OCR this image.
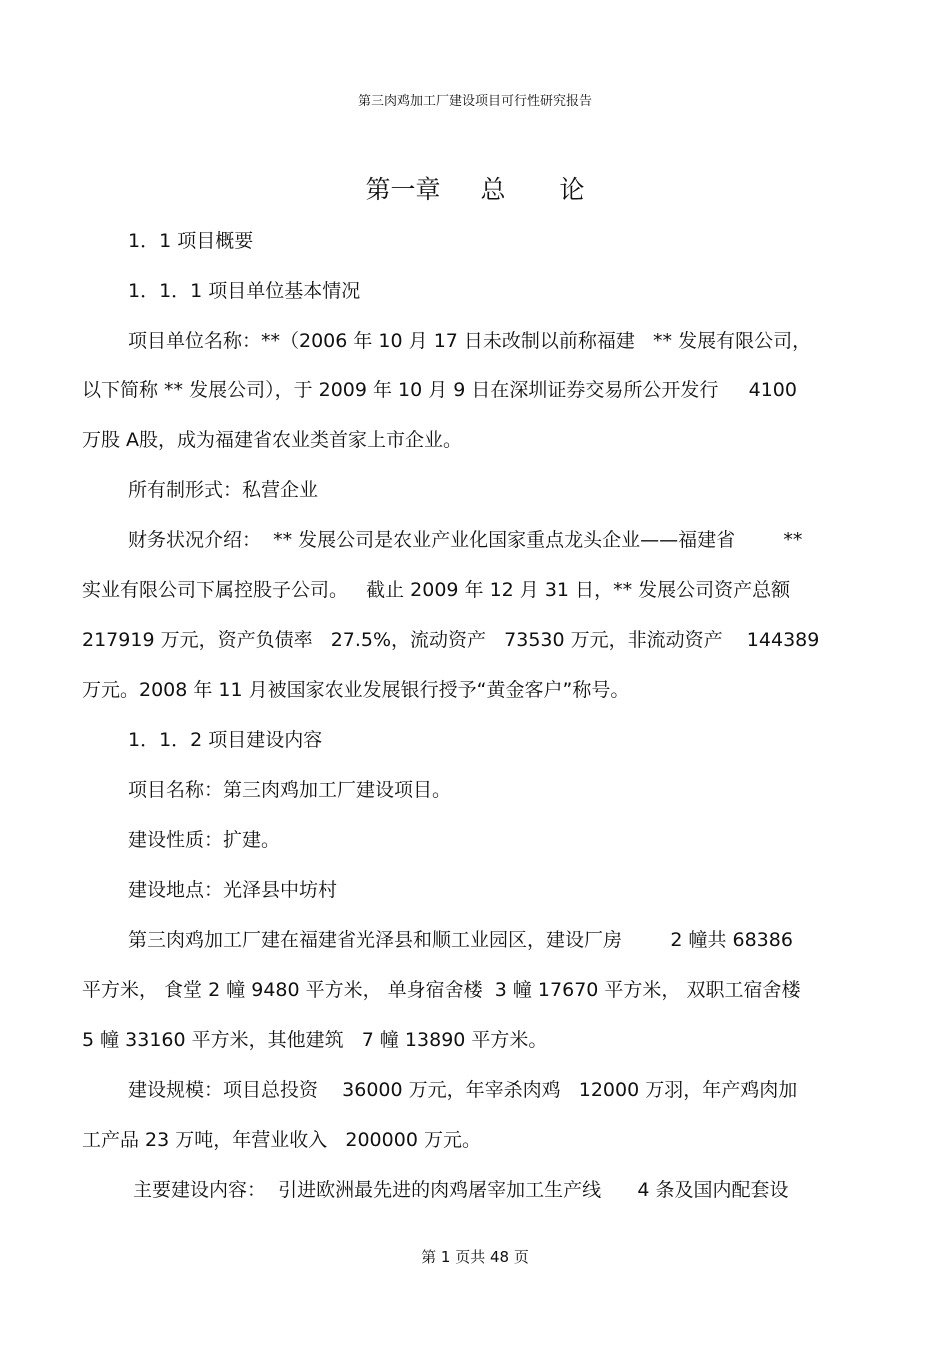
第三肉鸡加工厂建设项目可行性研究报告
第一章 总 论
1．1 项目概要
1．1．1 项目单位基本情况
项目单位名称：**（2006 年 10 月 17 日未改制以前称福建   ** 发展有限公司，
以下简称 ** 发展公司），于 2009 年 10 月 9 日在深圳证券交易所公开发行     4100
万股 A股，成为福建省农业类首家上市企业。
所有制形式：私营企业
财务状况介绍：  ** 发展公司是农业产业化国家重点龙头企业——福建省        **
实业有限公司下属控股子公司。   截止 2009 年 12 月 31 日，** 发展公司资产总额
217919 万元，资产负债率   27.5%，流动资产   73530 万元，非流动资产    144389
万元。2008 年 11 月被国家农业发展银行授予“黄金客户”称号。
1．1．2 项目建设内容
项目名称：第三肉鸡加工厂建设项目。
建设性质：扩建。
建设地点：光泽县中坊村
第三肉鸡加工厂建在福建省光泽县和顺工业园区，建设厂房        2 幢共 68386
平方米， 食堂 2 幢 9480 平方米， 单身宿舍楼  3 幢 17670 平方米， 双职工宿舍楼
5 幢 33160 平方米，其他建筑   7 幢 13890 平方米。
建设规模：项目总投资    36000 万元，年宰杀肉鸡   12000 万羽，年产鸡肉加
工产品 23 万吨，年营业收入   200000 万元。
主要建设内容：  引进欧洲最先进的肉鸡屠宰加工生产线      4 条及国内配套设
第 1 页共 48 页
